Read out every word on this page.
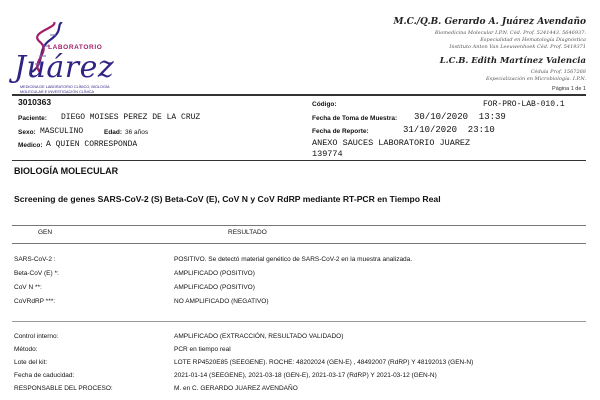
LABORATORIO
Juárez
MEDICINA DE LABORATORIO CLÍNICO, BIOLOGÍA
MOLECULAR E INVESTIGACIÓN CLÍNICA
M.C./Q.B. Gerardo A. Juárez Avendaño
Biomedicina Molecular I.P.N. Céd. Prof. 5241443. 5646937.
Especialidad en Hematología Diagnóstica
Instituto Anton Van Leeuwenhoek Céd. Prof. 5419371
L.C.B. Edith Martínez Valencia
Cédula Prof. 1567268
Especialización en Microbiología. I.P.N.
Página 1 de 1
3010363
Paciente: DIEGO MOISES PEREZ DE LA CRUZ
Sexo: MASCULINO	Edad: 36 años
Medico: A QUIEN CORRESPONDA
Código:	FOR-PRO-LAB-010.1
Fecha de Toma de Muestra: 30/10/2020  13:39
Fecha de Reporte:	31/10/2020  23:10
ANEXO SAUCES LABORATORIO JUAREZ
139774
BIOLOGÍA MOLECULAR
Screening de genes SARS-CoV-2 (S) Beta-CoV (E), CoV N y CoV RdRP mediante RT-PCR en Tiempo Real
GEN	RESULTADO
SARS-CoV-2 :	POSITIVO. Se detectó material genético de SARS-CoV-2 en la muestra analizada.
Beta-CoV (E) *:	AMPLIFICADO (POSITIVO)
CoV N **:	AMPLIFICADO (POSITIVO)
CoVRdRP ***:	NO AMPLIFICADO (NEGATIVO)
Control interno:	AMPLIFICADO (EXTRACCIÓN, RESULTADO VALIDADO)
Método:	PCR en tiempo real
Lote del kit:	LOTE RP4520E85 (SEEGENE). ROCHE: 48202024 (GEN-E) , 48492007 (RdRP) Y 48192013 (GEN-N)
Fecha de caducidad:	2021-01-14 (SEEGENE), 2021-03-18 (GEN-E), 2021-03-17 (RdRP) Y 2021-03-12 (GEN-N)
RESPONSABLE DEL PROCESO:	M. en C. GERARDO JUAREZ AVENDAÑO
